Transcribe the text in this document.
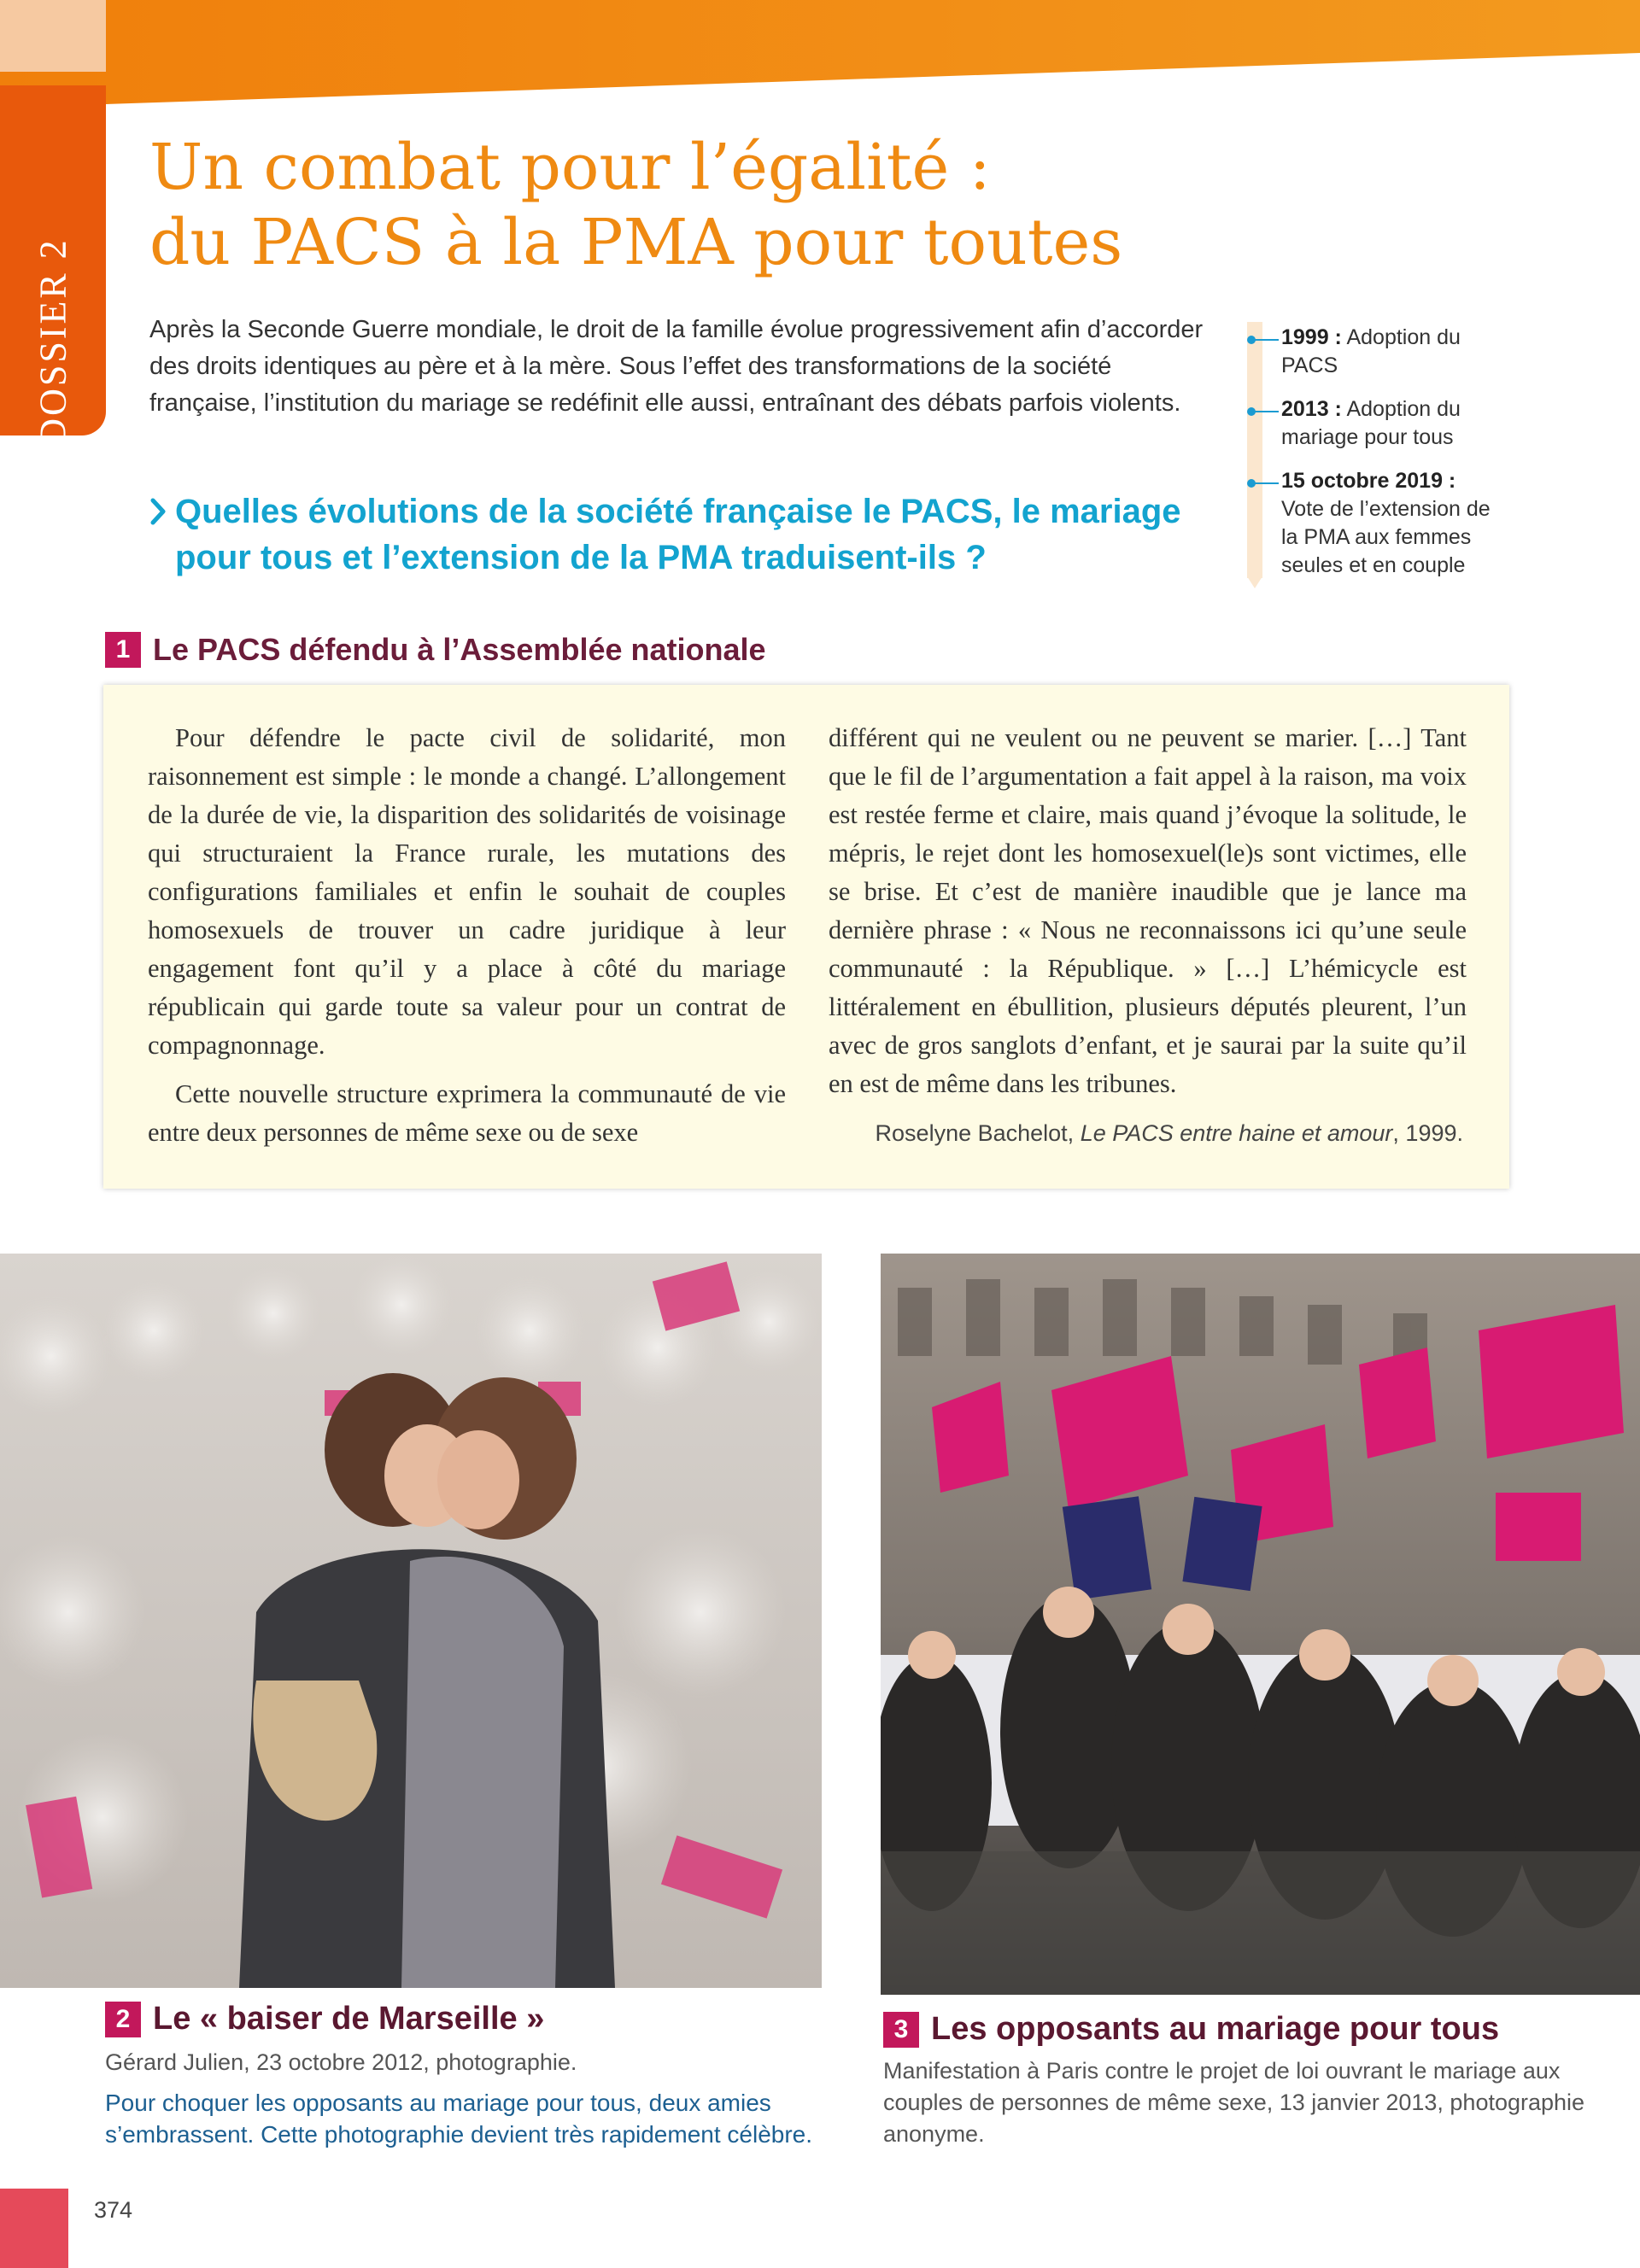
DOSSIER 2
Un combat pour l’égalité :
du PACS à la PMA pour toutes

Après la Seconde Guerre mondiale, le droit de la famille évolue progressivement afin d’accorder des droits identiques au père et à la mère. Sous l’effet des transformations de la société française, l’institution du mariage se redéfinit elle aussi, entraînant des débats parfois violents.

Quelles évolutions de la société française le PACS, le mariage pour tous et l’extension de la PMA traduisent-ils ?
1999 : Adoption du PACS
2013 : Adoption du mariage pour tous
15 octobre 2019 : Vote de l’extension de la PMA aux femmes seules et en couple
1 Le PACS défendu à l’Assemblée nationale

Pour défendre le pacte civil de solidarité, mon raisonnement est simple : le monde a changé. L’allongement de la durée de vie, la disparition des solidarités de voisinage qui structuraient la France rurale, les mutations des configurations familiales et enfin le souhait de couples homosexuels de trouver un cadre juridique à leur engagement font qu’il y a place à côté du mariage républicain qui garde toute sa valeur pour un contrat de compagnonnage.

Cette nouvelle structure exprimera la communauté de vie entre deux personnes de même sexe ou de sexe

différent qui ne veulent ou ne peuvent se marier. […] Tant que le fil de l’argumentation a fait appel à la raison, ma voix est restée ferme et claire, mais quand j’évoque la solitude, le mépris, le rejet dont les homosexuel(le)s sont victimes, elle se brise. Et c’est de manière inaudible que je lance ma dernière phrase : « Nous ne reconnaissons ici qu’une seule communauté : la République. » […] L’hémicycle est littéralement en ébullition, plusieurs députés pleurent, l’un avec de gros sanglots d’enfant, et je saurai par la suite qu’il en est de même dans les tribunes.

Roselyne Bachelot, Le PACS entre haine et amour, 1999.
2 Le « baiser de Marseille »
Gérard Julien, 23 octobre 2012, photographie.
Pour choquer les opposants au mariage pour tous, deux amies s’embrassent. Cette photographie devient très rapidement célèbre.
3 Les opposants au mariage pour tous
Manifestation à Paris contre le projet de loi ouvrant le mariage aux couples de personnes de même sexe, 13 janvier 2013, photographie anonyme.
374
